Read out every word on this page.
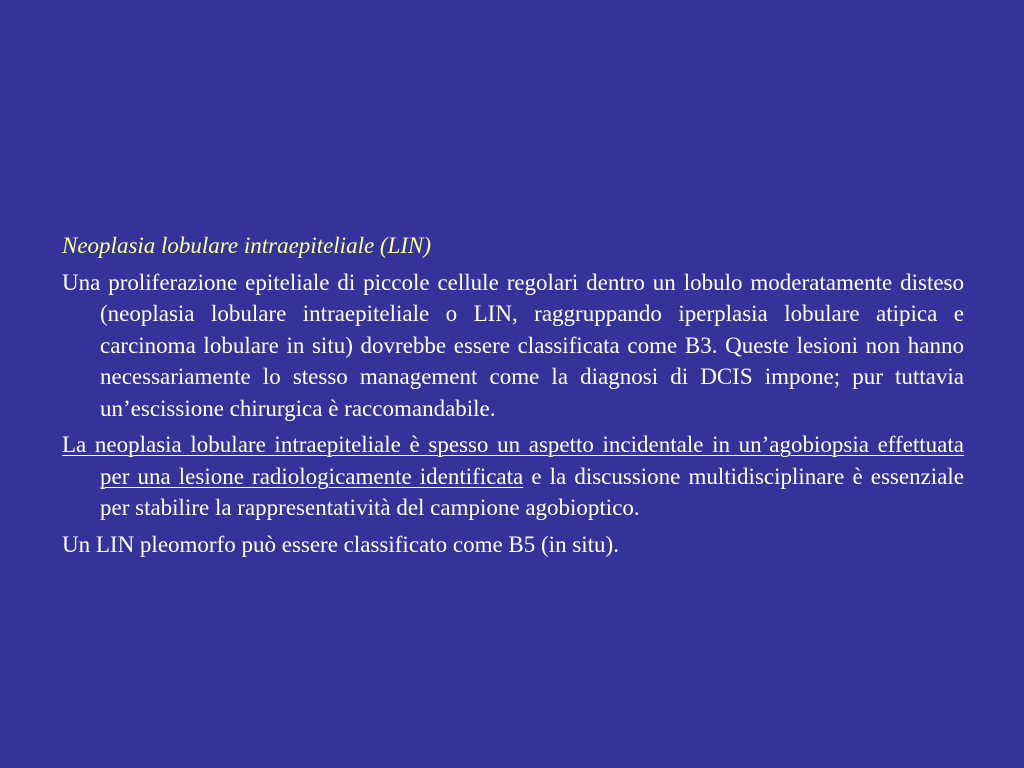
Neoplasia lobulare intraepiteliale (LIN)
Una proliferazione epiteliale di piccole cellule regolari dentro un lobulo moderatamente disteso (neoplasia lobulare intraepiteliale o LIN, raggruppando iperplasia lobulare atipica e carcinoma lobulare in situ) dovrebbe essere classificata come B3. Queste lesioni non hanno necessariamente lo stesso management come la diagnosi di DCIS impone; pur tuttavia un’escissione chirurgica è raccomandabile.
La neoplasia lobulare intraepiteliale è spesso un aspetto incidentale in un’agobiopsia effettuata per una lesione radiologicamente identificata e la discussione multidisciplinare è essenziale per stabilire la rappresentatività del campione agobioptico.
Un LIN pleomorfo può essere classificato come B5 (in situ).
